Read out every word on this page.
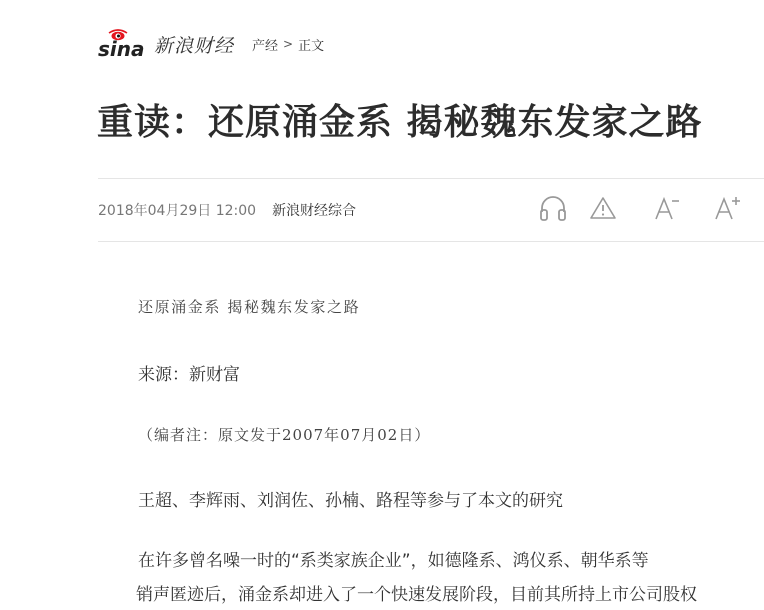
sina 新浪财经 产经 > 正文
重读：还原涌金系 揭秘魏东发家之路
2018年04月29日 12:00 新浪财经综合

还原涌金系 揭秘魏东发家之路

来源：新财富

（编者注：原文发于2007年07月02日）

王超、李辉雨、刘润佐、孙楠、路程等参与了本文的研究

在许多曾名噪一时的“系类家族企业”，如德隆系、鸿仪系、朝华系等

销声匿迹后，涌金系却进入了一个快速发展阶段，目前其所持上市公司股权
